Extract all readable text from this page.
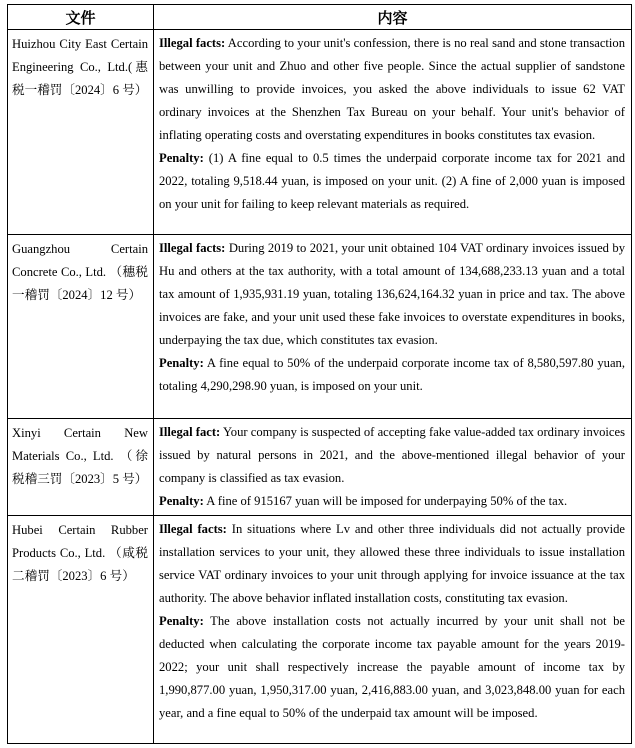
文件	内容
Huizhou City East Certain Engineering Co., Ltd.(惠税一稽罚〔2024〕6 号）	Illegal facts: According to your unit's confession, there is no real sand and stone transaction between your unit and Zhuo and other five people. Since the actual supplier of sandstone was unwilling to provide invoices, you asked the above individuals to issue 62 VAT ordinary invoices at the Shenzhen Tax Bureau on your behalf. Your unit's behavior of inflating operating costs and overstating expenditures in books constitutes tax evasion.

Penalty: (1) A fine equal to 0.5 times the underpaid corporate income tax for 2021 and 2022, totaling 9,518.44 yuan, is imposed on your unit. (2) A fine of 2,000 yuan is imposed on your unit for failing to keep relevant materials as required.

Guangzhou Certain Concrete Co., Ltd. （穗税一稽罚〔2024〕12 号）	Illegal facts: During 2019 to 2021, your unit obtained 104 VAT ordinary invoices issued by Hu and others at the tax authority, with a total amount of 134,688,233.13 yuan and a total tax amount of 1,935,931.19 yuan, totaling 136,624,164.32 yuan in price and tax. The above invoices are fake, and your unit used these fake invoices to overstate expenditures in books, underpaying the tax due, which constitutes tax evasion.

Penalty: A fine equal to 50% of the underpaid corporate income tax of 8,580,597.80 yuan, totaling 4,290,298.90 yuan, is imposed on your unit.

Xinyi Certain New Materials Co., Ltd. （徐税稽三罚〔2023〕5 号）	Illegal fact: Your company is suspected of accepting fake value-added tax ordinary invoices issued by natural persons in 2021, and the above-mentioned illegal behavior of your company is classified as tax evasion.

Penalty: A fine of 915167 yuan will be imposed for underpaying 50% of the tax.

Hubei Certain Rubber Products Co., Ltd. （咸税二稽罚〔2023〕6 号）	Illegal facts: In situations where Lv and other three individuals did not actually provide installation services to your unit, they allowed these three individuals to issue installation service VAT ordinary invoices to your unit through applying for invoice issuance at the tax authority. The above behavior inflated installation costs, constituting tax evasion.

Penalty: The above installation costs not actually incurred by your unit shall not be deducted when calculating the corporate income tax payable amount for the years 2019-2022; your unit shall respectively increase the payable amount of income tax by 1,990,877.00 yuan, 1,950,317.00 yuan, 2,416,883.00 yuan, and 3,023,848.00 yuan for each year, and a fine equal to 50% of the underpaid tax amount will be imposed.
